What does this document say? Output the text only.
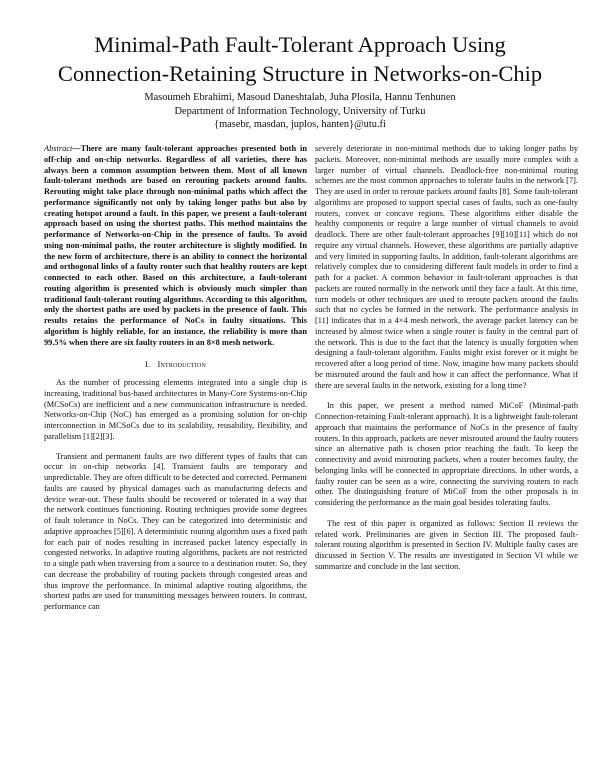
Minimal-Path Fault-Tolerant Approach Using
Connection-Retaining Structure in Networks-on-Chip
Masoumeh Ebrahimi, Masoud Daneshtalab, Juha Plosila, Hannu Tenhunen
Department of Information Technology, University of Turku
{masebr, masdan, juplos, hanten}@utu.fi

Abstract—There are many fault-tolerant approaches presented both in off-chip and on-chip networks. Regardless of all varieties, there has always been a common assumption between them. Most of all known fault-tolerant methods are based on rerouting packets around faults. Rerouting might take place through non-minimal paths which affect the performance significantly not only by taking longer paths but also by creating hotspot around a fault. In this paper, we present a fault-tolerant approach based on using the shortest paths. This method maintains the performance of Networks-on-Chip in the presence of faults. To avoid using non-minimal paths, the router architecture is slightly modified. In the new form of architecture, there is an ability to connect the horizontal and orthogonal links of a faulty router such that healthy routers are kept connected to each other. Based on this architecture, a fault-tolerant routing algorithm is presented which is obviously much simpler than traditional fault-tolerant routing algorithms. According to this algorithm, only the shortest paths are used by packets in the presence of fault. This results retains the performance of NoCs in faulty situations. This algorithm is highly reliable, for an instance, the reliability is more than 99.5% when there are six faulty routers in an 8×8 mesh network.

I. Introduction

As the number of processing elements integrated into a single chip is increasing, traditional bus-based architectures in Many-Core Systems-on-Chip (MCSoCs) are inefficient and a new communication infrastructure is needed. Networks-on-Chip (NoC) has emerged as a promising solution for on-chip interconnection in MCSoCs due to its scalability, reusability, flexibility, and parallelism [1][2][3].

Transient and permanent faults are two different types of faults that can occur in on-chip networks [4]. Transient faults are temporary and unpredictable. They are often difficult to be detected and corrected. Permanent faults are caused by physical damages such as manufacturing defects and device wear-out. These faults should be recovered or tolerated in a way that the network continues functioning. Routing techniques provide some degrees of fault tolerance in NoCs. They can be categorized into deterministic and adaptive approaches [5][6]. A deterministic routing algorithm uses a fixed path for each pair of nodes resulting in increased packet latency especially in congested networks. In adaptive routing algorithms, packets are not restricted to a single path when traversing from a source to a destination router. So, they can decrease the probability of routing packets through congested areas and thus improve the performance. In minimal adaptive routing algorithms, the shortest paths are used for transmitting messages between routers. In contrast, performance can

severely deteriorate in non-minimal methods due to taking longer paths by packets. Moreover, non-minimal methods are usually more complex with a larger number of virtual channels. Deadlock-free non-minimal routing schemes are the most common approaches to tolerate faults in the network [7]. They are used in order to reroute packets around faults [8]. Some fault-tolerant algorithms are proposed to support special cases of faults, such as one-faulty routers, convex or concave regions. These algorithms either disable the healthy components or require a large number of virtual channels to avoid deadlock. There are other fault-tolerant approaches [9][10][11] which do not require any virtual channels. However, these algorithms are partially adaptive and very limited in supporting faults. In addition, fault-tolerant algorithms are relatively complex due to considering different fault models in order to find a path for a packet. A common behavior in fault-tolerant approaches is that packets are routed normally in the network until they face a fault. At this time, turn models or other techniques are used to reroute packets around the faults such that no cycles be formed in the network. The performance analysis in [11] indicates that in a 4×4 mesh network, the average packet latency can be increased by almost twice when a single router is faulty in the central part of the network. This is due to the fact that the latency is usually forgotten when designing a fault-tolerant algorithm. Faults might exist forever or it might be recovered after a long period of time. Now, imagine how many packets should be misrouted around the fault and how it can affect the performance. What if there are several faults in the network, existing for a long time?

In this paper, we present a method named MiCoF (Minimal-path Connection-retaining Fault-tolerant approach). It is a lightweight fault-tolerant approach that maintains the performance of NoCs in the presence of faulty routers. In this approach, packets are never misrouted around the faulty routers since an alternative path is chosen prior reaching the fault. To keep the connectivity and avoid misrouting packets, when a router becomes faulty, the belonging links will be connected in appropriate directions. In other words, a faulty router can be seen as a wire, connecting the surviving routers to each other. The distinguishing feature of MiCoF from the other proposals is in considering the performance as the main goal besides tolerating faults.

The rest of this paper is organized as follows: Section II reviews the related work. Preliminaries are given in Section III. The proposed fault-tolerant routing algorithm is presented in Section IV. Multiple faulty cases are discussed in Section V. The results are investigated in Section VI while we summarize and conclude in the last section.
